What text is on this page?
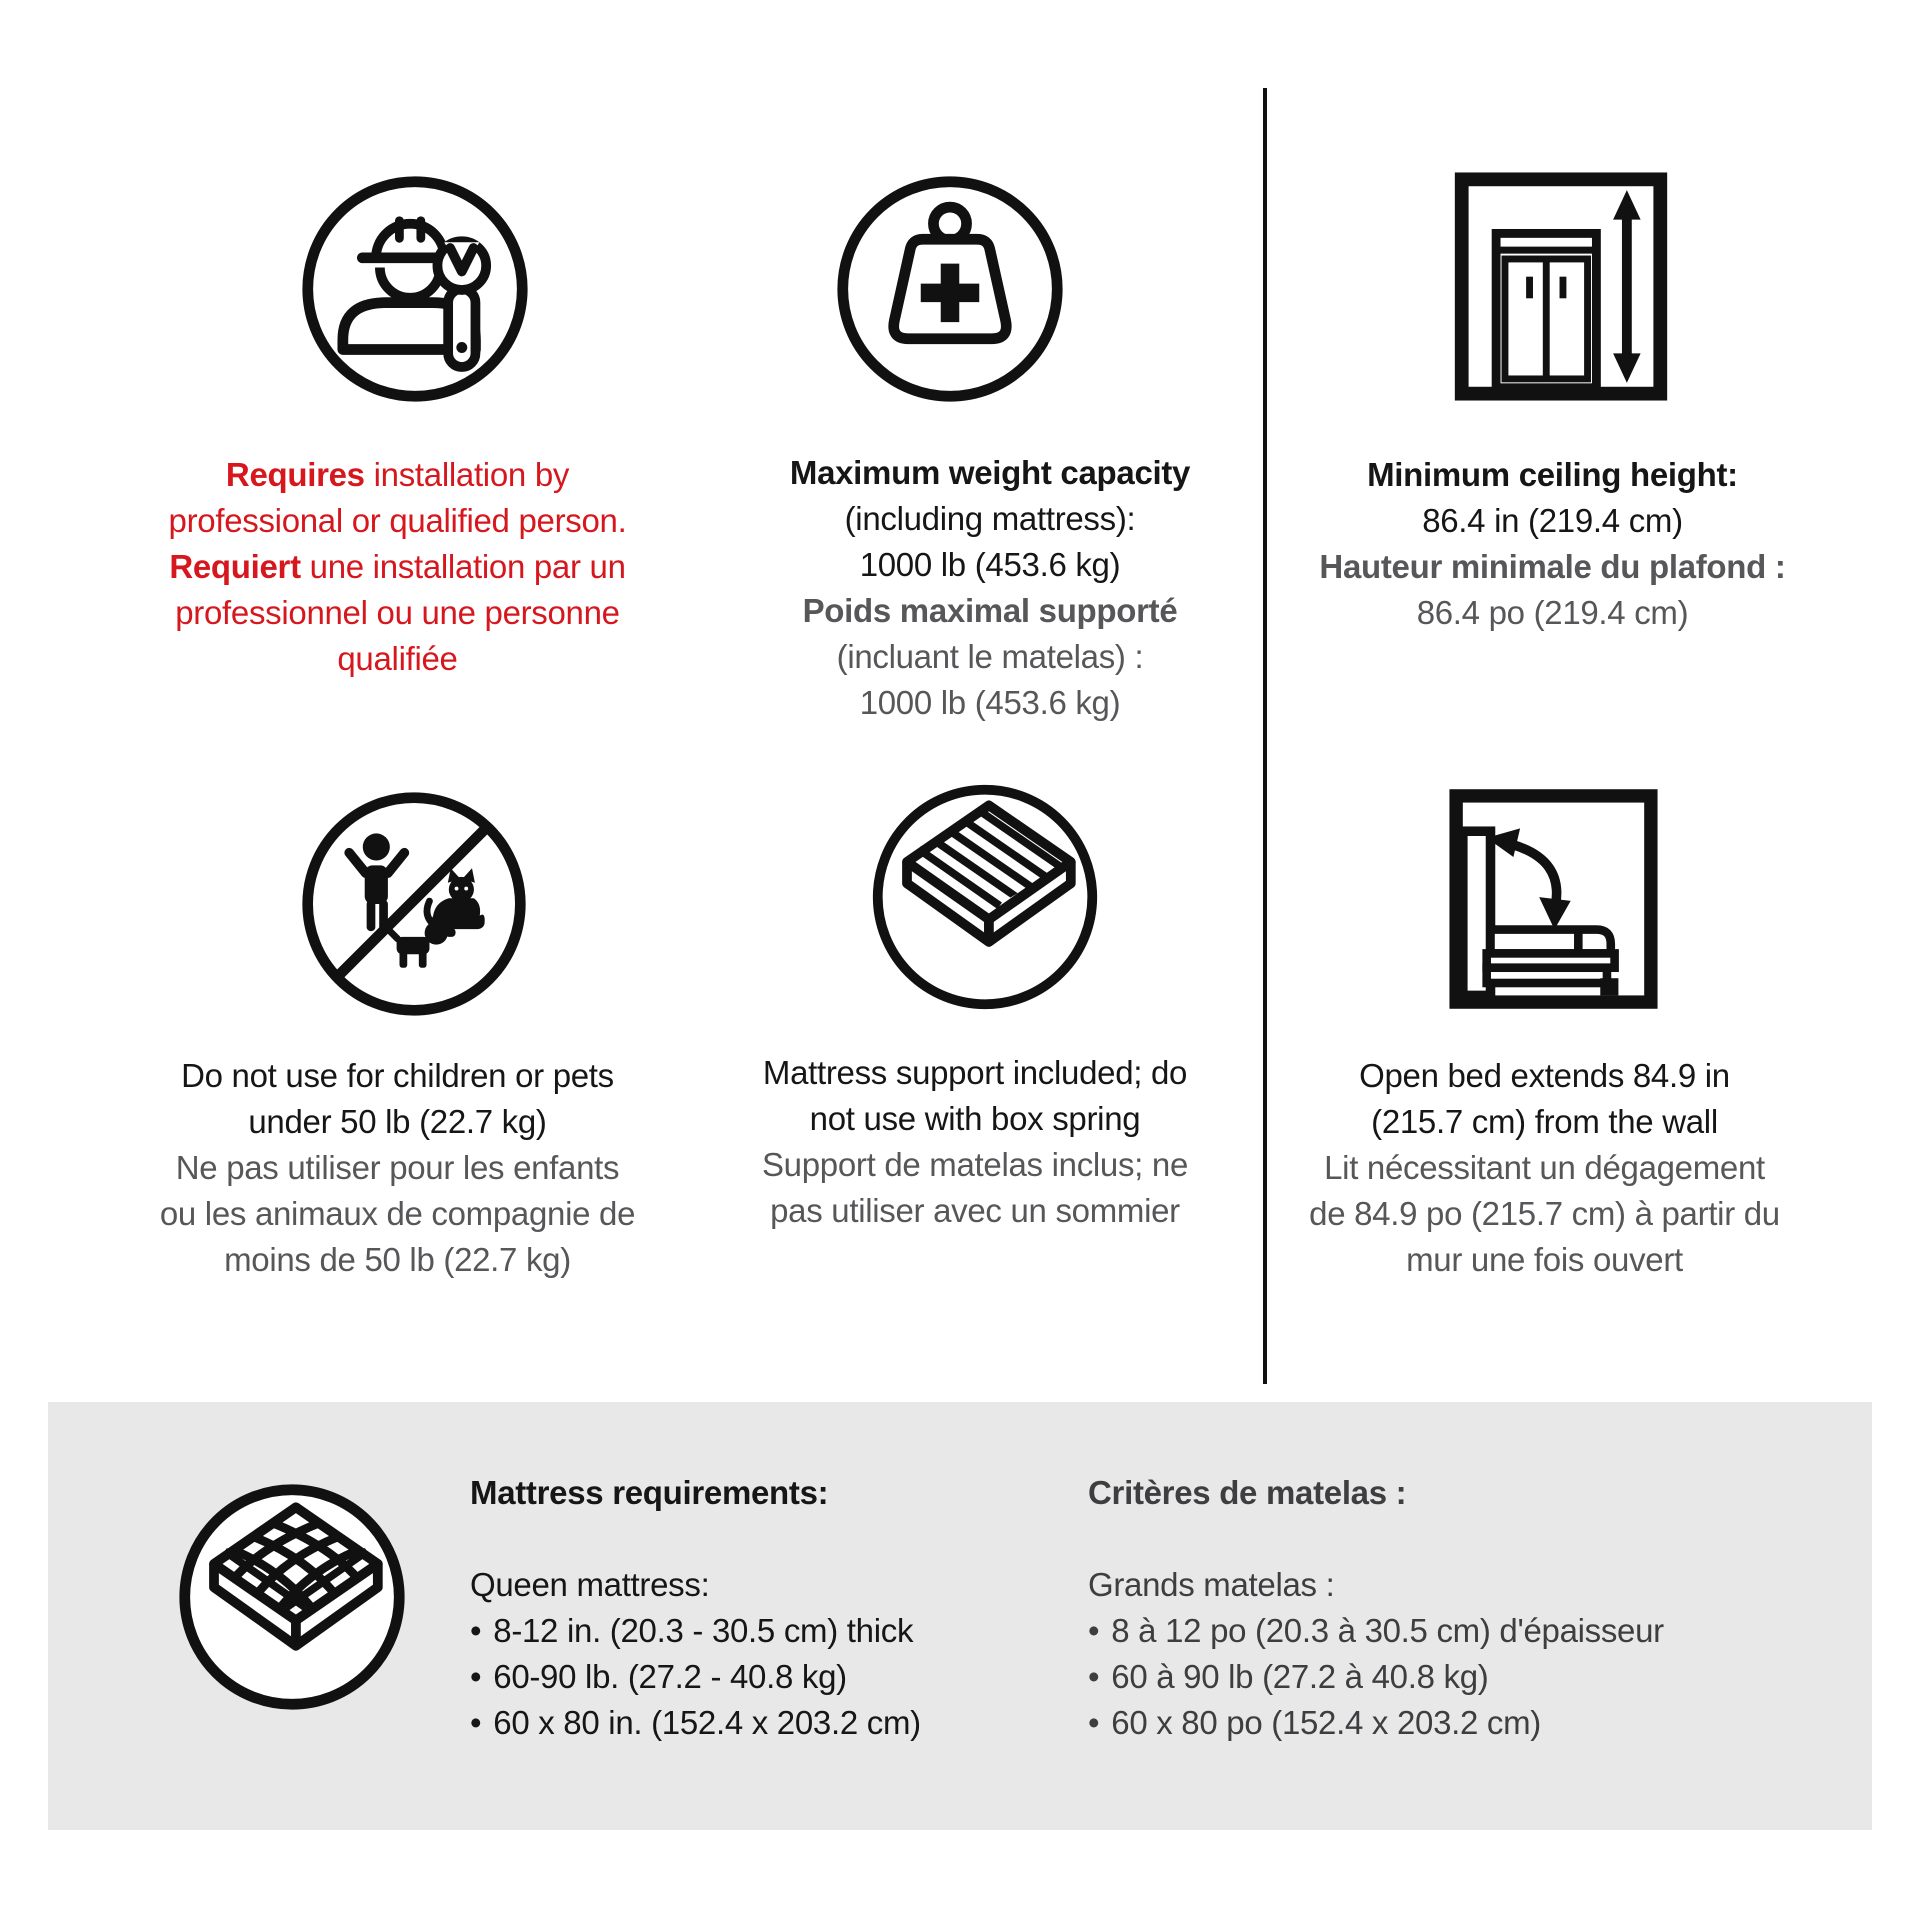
Requires installation by
professional or qualified person.
Requiert une installation par un
professionnel ou une personne
qualifiée
Maximum weight capacity
(including mattress):
1000 lb (453.6 kg)
Poids maximal supporté
(incluant le matelas) :
1000 lb (453.6 kg)
Minimum ceiling height:
86.4 in (219.4 cm)
Hauteur minimale du plafond :
86.4 po (219.4 cm)
Do not use for children or pets
under 50 lb (22.7 kg)
Ne pas utiliser pour les enfants
ou les animaux de compagnie de
moins de 50 lb (22.7 kg)
Mattress support included; do
not use with box spring
Support de matelas inclus; ne
pas utiliser avec un sommier
Open bed extends 84.9 in
(215.7 cm) from the wall
Lit nécessitant un dégagement
de 84.9 po (215.7 cm) à partir du
mur une fois ouvert
Mattress requirements:
Queen mattress:
• 8-12 in. (20.3 - 30.5 cm) thick
• 60-90 lb. (27.2 - 40.8 kg)
• 60 x 80 in. (152.4 x 203.2 cm)
Critères de matelas :
Grands matelas :
• 8 à 12 po (20.3 à 30.5 cm) d'épaisseur
• 60 à 90 lb (27.2 à 40.8 kg)
• 60 x 80 po (152.4 x 203.2 cm)
